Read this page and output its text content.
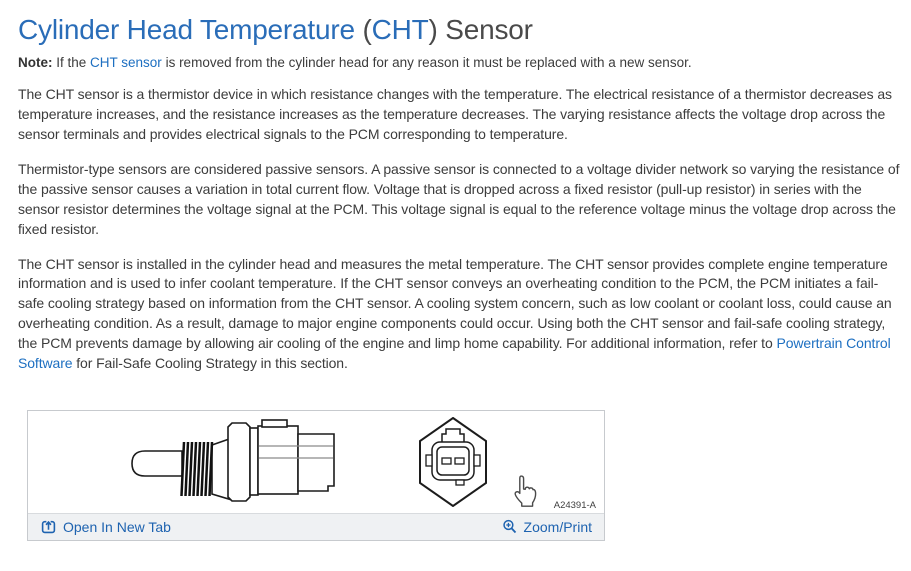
Cylinder Head Temperature (CHT) Sensor

Note: If the CHT sensor is removed from the cylinder head for any reason it must be replaced with a new sensor.

The CHT sensor is a thermistor device in which resistance changes with the temperature. The electrical resistance of a thermistor decreases as temperature increases, and the resistance increases as the temperature decreases. The varying resistance affects the voltage drop across the sensor terminals and provides electrical signals to the PCM corresponding to temperature.

Thermistor-type sensors are considered passive sensors. A passive sensor is connected to a voltage divider network so varying the resistance of the passive sensor causes a variation in total current flow. Voltage that is dropped across a fixed resistor (pull-up resistor) in series with the sensor resistor determines the voltage signal at the PCM. This voltage signal is equal to the reference voltage minus the voltage drop across the fixed resistor.

The CHT sensor is installed in the cylinder head and measures the metal temperature. The CHT sensor provides complete engine temperature information and is used to infer coolant temperature. If the CHT sensor conveys an overheating condition to the PCM, the PCM initiates a fail-safe cooling strategy based on information from the CHT sensor. A cooling system concern, such as low coolant or coolant loss, could cause an overheating condition. As a result, damage to major engine components could occur. Using both the CHT sensor and fail-safe cooling strategy, the PCM prevents damage by allowing air cooling of the engine and limp home capability. For additional information, refer to Powertrain Control Software for Fail-Safe Cooling Strategy in this section.

A24391-A
Open In New Tab	Zoom/Print
